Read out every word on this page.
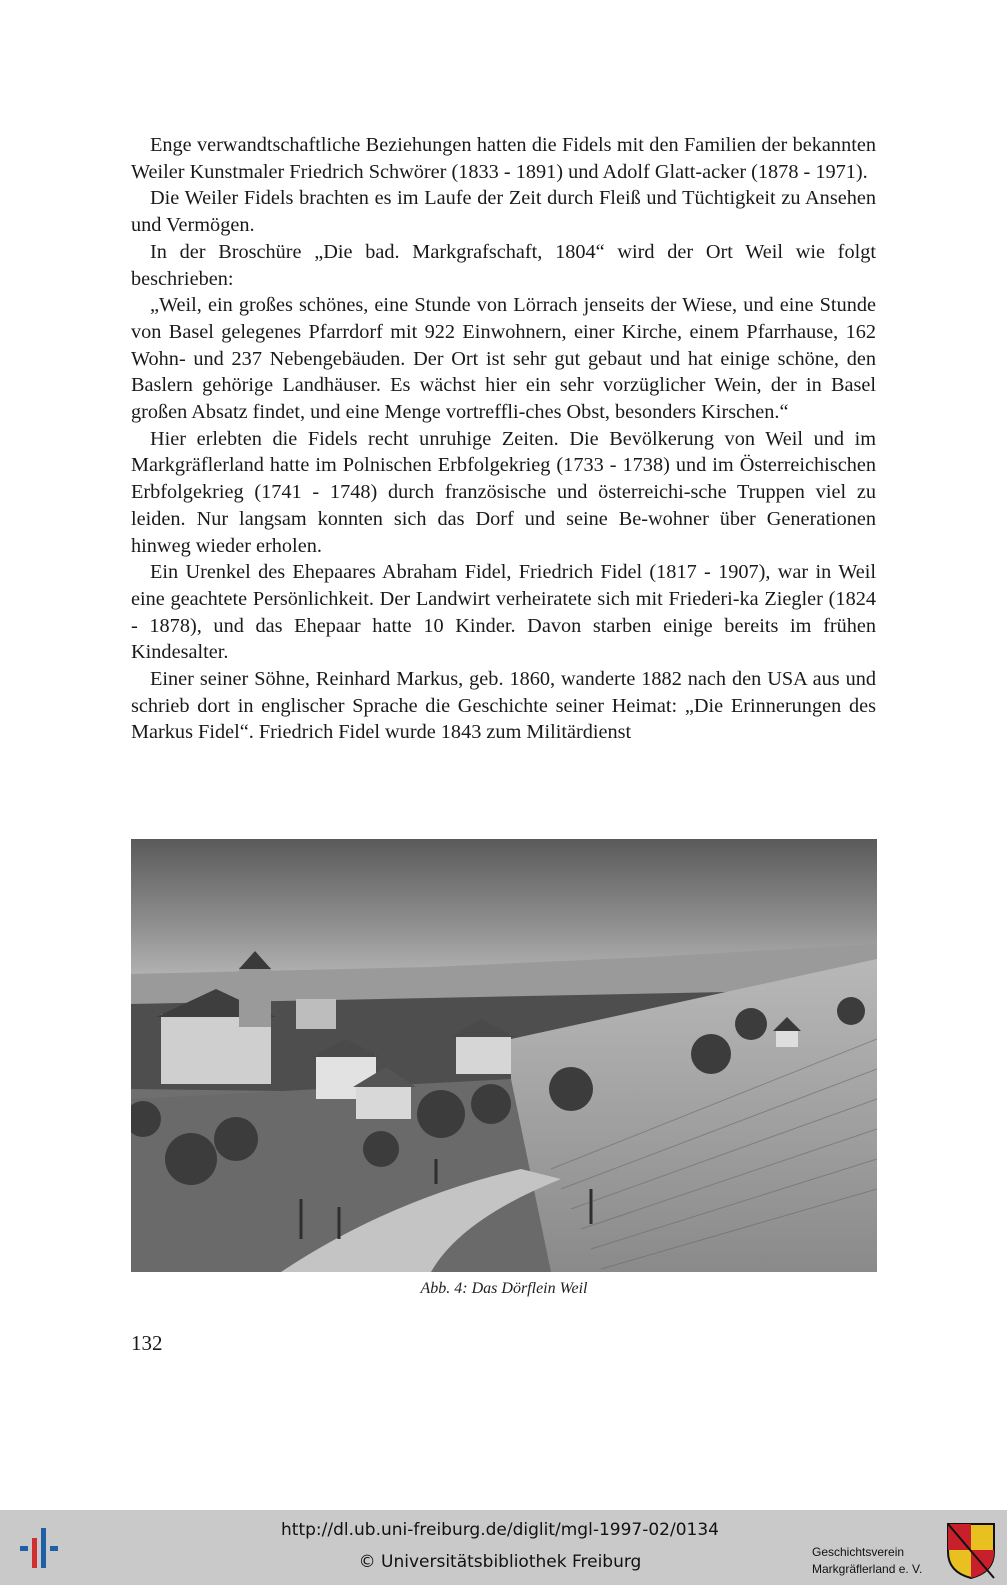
Enge verwandtschaftliche Beziehungen hatten die Fidels mit den Familien der bekannten Weiler Kunstmaler Friedrich Schwörer (1833 - 1891) und Adolf Glatt-acker (1878 - 1971).

Die Weiler Fidels brachten es im Laufe der Zeit durch Fleiß und Tüchtigkeit zu Ansehen und Vermögen.

In der Broschüre „Die bad. Markgrafschaft, 1804“ wird der Ort Weil wie folgt beschrieben:

„Weil, ein großes schönes, eine Stunde von Lörrach jenseits der Wiese, und eine Stunde von Basel gelegenes Pfarrdorf mit 922 Einwohnern, einer Kirche, einem Pfarrhause, 162 Wohn- und 237 Nebengebäuden. Der Ort ist sehr gut gebaut und hat einige schöne, den Baslern gehörige Landhäuser. Es wächst hier ein sehr vorzüglicher Wein, der in Basel großen Absatz findet, und eine Menge vortreffli-ches Obst, besonders Kirschen.“

Hier erlebten die Fidels recht unruhige Zeiten. Die Bevölkerung von Weil und im Markgräflerland hatte im Polnischen Erbfolgekrieg (1733 - 1738) und im Österreichischen Erbfolgekrieg (1741 - 1748) durch französische und österreichi-sche Truppen viel zu leiden. Nur langsam konnten sich das Dorf und seine Be-wohner über Generationen hinweg wieder erholen.

Ein Urenkel des Ehepaares Abraham Fidel, Friedrich Fidel (1817 - 1907), war in Weil eine geachtete Persönlichkeit. Der Landwirt verheiratete sich mit Friederi-ka Ziegler (1824 - 1878), und das Ehepaar hatte 10 Kinder. Davon starben einige bereits im frühen Kindesalter.

Einer seiner Söhne, Reinhard Markus, geb. 1860, wanderte 1882 nach den USA aus und schrieb dort in englischer Sprache die Geschichte seiner Heimat: „Die Erinnerungen des Markus Fidel“. Friedrich Fidel wurde 1843 zum Militärdienst

Abb. 4: Das Dörflein Weil
132
http://dl.ub.uni-freiburg.de/diglit/mgl-1997-02/0134
© Universitätsbibliothek Freiburg	Geschichtsverein
Markgräflerland e. V.
